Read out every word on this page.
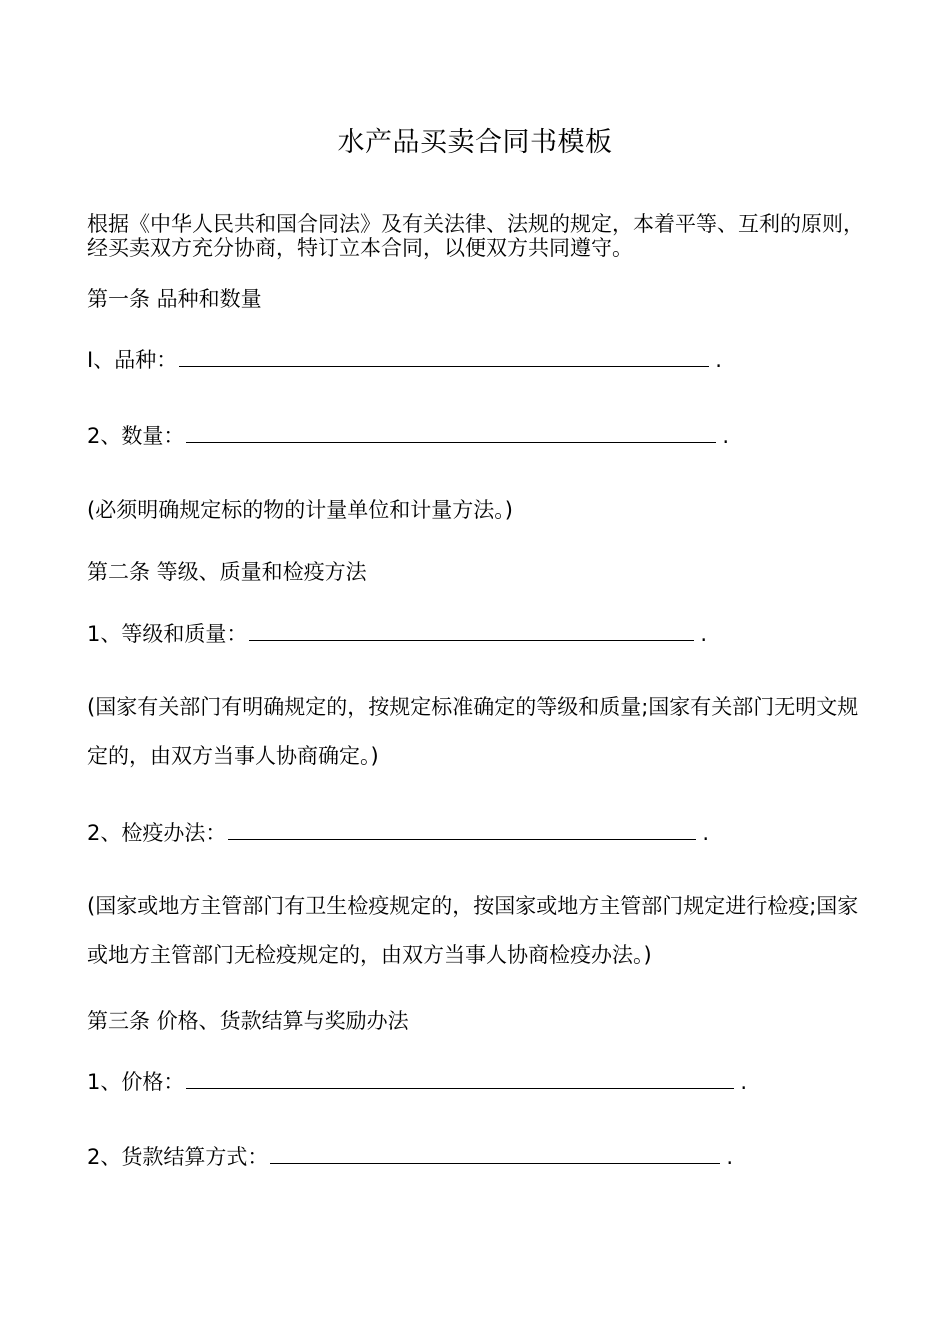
水产品买卖合同书模板
根据《中华人民共和国合同法》及有关法律、法规的规定，本着平等、互利的原则，经买卖双方充分协商，特订立本合同，以便双方共同遵守。
第一条 品种和数量
I、品种：	.
2、数量：	.
(必须明确规定标的物的计量单位和计量方法。)
第二条 等级、质量和检疫方法
1、等级和质量：	.
(国家有关部门有明确规定的，按规定标准确定的等级和质量;国家有关部门无明文规定的，由双方当事人协商确定。)
2、检疫办法：	.
(国家或地方主管部门有卫生检疫规定的，按国家或地方主管部门规定进行检疫;国家或地方主管部门无检疫规定的，由双方当事人协商检疫办法。)
第三条 价格、货款结算与奖励办法
1、价格：	.
2、货款结算方式：	.
